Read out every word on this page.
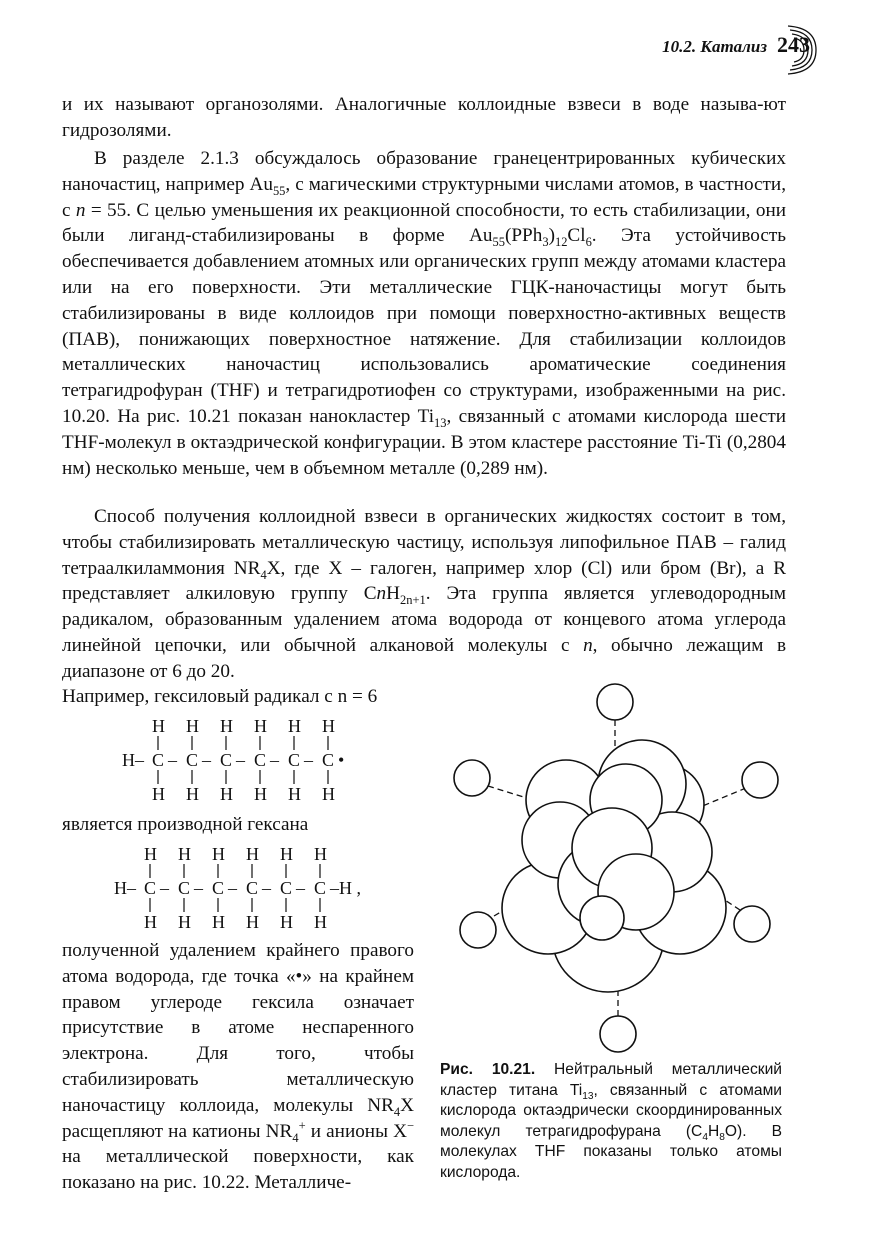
10.2. Катализ 243
и их называют органозолями. Аналогичные коллоидные взвеси в воде называ-ют гидрозолями.
В разделе 2.1.3 обсуждалось образование гранецентрированных кубических наночастиц, например $Au_{55}$, с магическими структурными числами атомов, в частности, с n = 55. С целью уменьшения их реакционной способности, то есть стабилизации, они были лиганд-стабилизированы в форме $Au_{55}(PPh_3)_{12}Cl_6$. Эта устойчивость обеспечивается добавлением атомных или органических групп между атомами кластера или на его поверхности. Эти металлические ГЦК-наночастицы могут быть стабилизированы в виде коллоидов при помощи поверхностно-активных веществ (ПАВ), понижающих поверхностное натяжение. Для стабилизации коллоидов металлических наночастиц использовались ароматические соединения тетрагидрофуран (THF) и тетрагидротиофен со структурами, изображенными на рис. 10.20. На рис. 10.21 показан нанокластер $Ti_{13}$, связанный с атомами кислорода шести THF-молекул в октаэдрической конфигурации. В этом кластере расстояние Ti-Ti (0,2804 нм) несколько меньше, чем в объемном металле (0,289 нм).
Способ получения коллоидной взвеси в органических жидкостях состоит в том, чтобы стабилизировать металлическую частицу, используя липофильное ПАВ – галид тетраалкиламмония $NR_4X$, где X – галоген, например хлор (Cl) или бром (Br), а R представляет алкиловую группу CnH$_{2n+1}$. Эта группа является углеводородным радикалом, образованным удалением атома водорода от концевого атома углерода линейной цепочки, или обычной алкановой молекулы с n, обычно лежащим в диапазоне от 6 до 20.
Например, гексиловый радикал с n = 6
H H H H H H
H– C – C – C – C – C – C •
H H H H H H
является производной гексана
H H H H H H
H– C – C – C – C – C – C –H ,
H H H H H H
полученной удалением крайнего правого атома водорода, где точка «•» на крайнем правом углероде гексила означает присутствие в атоме неспаренного электрона. Для того, чтобы стабилизировать металлическую наночастицу коллоида, молекулы $NR_4X$ расщепляют на катионы $NR_4^+$ и анионы X− на металлической поверхности, как показано на рис. 10.22. Металличе-
Рис. 10.21. Нейтральный металлический кластер титана $Ti_{13}$, связанный с атомами кислорода октаэдрически скоординированных молекул тетрагидрофурана $(C_4H_8O)$. В молекулах THF показаны только атомы кислорода.
